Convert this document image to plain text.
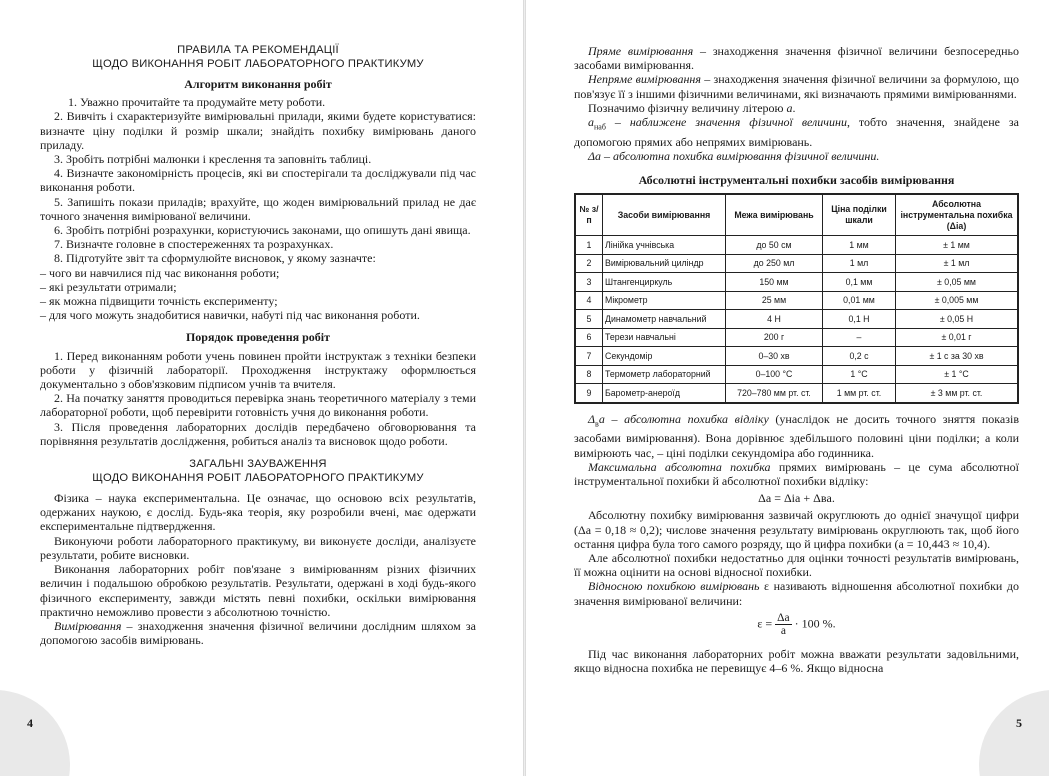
ПРАВИЛА ТА РЕКОМЕНДАЦІЇ
ЩОДО ВИКОНАННЯ РОБІТ ЛАБОРАТОРНОГО ПРАКТИКУМУ
Алгоритм виконання робіт

1. Уважно прочитайте та продумайте мету роботи.

2. Вивчіть і схарактеризуйте вимірювальні прилади, якими будете користуватися: визначте ціну поділки й розмір шкали; знайдіть похибку вимірювань даного приладу.

3. Зробіть потрібні малюнки і креслення та заповніть таблиці.

4. Визначте закономірність процесів, які ви спостерігали та досліджували під час виконання роботи.

5. Запишіть покази приладів; врахуйте, що жоден вимірювальний прилад не дає точного значення вимірюваної величини.

6. Зробіть потрібні розрахунки, користуючись законами, що опишуть дані явища.

7. Визначте головне в спостереженнях та розрахунках.

8. Підготуйте звіт та сформулюйте висновок, у якому зазначте:

– чого ви навчилися під час виконання роботи;

– які результати отримали;

– як можна підвищити точність експерименту;

– для чого можуть знадобитися навички, набуті під час виконання роботи.

Порядок проведення робіт

1. Перед виконанням роботи учень повинен пройти інструктаж з техніки безпеки роботи у фізичній лабораторії. Проходження інструктажу оформлюється документально з обов'язковим підписом учнів та вчителя.

2. На початку заняття проводиться перевірка знань теоретичного матеріалу з теми лабораторної роботи, щоб перевірити готовність учня до виконання роботи.

3. Після проведення лабораторних дослідів передбачено обговорювання та порівняння результатів дослідження, робиться аналіз та висновок щодо роботи.

ЗАГАЛЬНІ ЗАУВАЖЕННЯ
ЩОДО ВИКОНАННЯ РОБІТ ЛАБОРАТОРНОГО ПРАКТИКУМУ

Фізика – наука експериментальна. Це означає, що основою всіх результатів, одержаних наукою, є дослід. Будь-яка теорія, яку розробили вчені, має одержати експериментальне підтвердження.

Виконуючи роботи лабораторного практикуму, ви виконуєте досліди, аналізуєте результати, робите висновки.

Виконання лабораторних робіт пов'язане з вимірюванням різних фізичних величин і подальшою обробкою результатів. Результати, одержані в ході будь-якого фізичного експерименту, завжди містять певні похибки, оскільки вимірювання практично неможливо провести з абсолютною точністю.

Вимірювання – знаходження значення фізичної величини дослідним шляхом за допомогою засобів вимірювань.

4

Пряме вимірювання – знаходження значення фізичної величини безпосередньо засобами вимірювання.

Непряме вимірювання – знаходження значення фізичної величини за формулою, що пов'язує її з іншими фізичними величинами, які визначають прямими вимірюваннями.

Позначимо фізичну величину літерою a.

$a_{наб}$ – наближене значення фізичної величини, тобто значення, знайдене за допомогою прямих або непрямих вимірювань.

Δa – абсолютна похибка вимірювання фізичної величини.

Абсолютні інструментальні похибки засобів вимірювання
№ з/п	Засоби вимірювання	Межа вимірювань	Ціна поділки шкали	Абсолютна інструментальна похибка (Δіа)
1	Лінійка учнівська	до 50 см	1 мм	± 1 мм
2	Вимірювальний циліндр	до 250 мл	1 мл	± 1 мл
3	Штангенциркуль	150 мм	0,1 мм	± 0,05 мм
4	Мікрометр	25 мм	0,01 мм	± 0,005 мм
5	Динамометр навчальний	4 Н	0,1 Н	± 0,05 Н
6	Терези навчальні	200 г	–	± 0,01 г
7	Секундомір	0–30 хв	0,2 с	± 1 с за 30 хв
8	Термометр лабораторний	0–100 °С	1 °С	± 1 °С
9	Барометр-анероїд	720–780 мм рт. ст.	1 мм рт. ст.	± 3 мм рт. ст.

$\Delta_вa$ – абсолютна похибка відліку (унаслідок не досить точного зняття показів засобами вимірювання). Вона дорівнює здебільшого половині ціни поділки; а коли вимірюють час, – ціні поділки секундоміра або годинника.

Максимальна абсолютна похибка прямих вимірювань – це сума абсолютної інструментальної похибки й абсолютної похибки відліку:

Δa = Δіa + Δвa.

Абсолютну похибку вимірювання зазвичай округлюють до однієї значущої цифри (Δa = 0,18 ≈ 0,2); числове значення результату вимірювань округлюють так, щоб його остання цифра була того самого розряду, що й цифра похибки (a = 10,443 ≈ 10,4).

Але абсолютної похибки недостатньо для оцінки точності результатів вимірювань, її можна оцінити на основі відносної похибки.

Відносною похибкою вимірювань ε називають відношення абсолютної похибки до значення вимірюваної величини:

$\varepsilon = \frac{\Delta a}{a} \cdot 100$ %.

Під час виконання лабораторних робіт можна вважати результати задовільними, якщо відносна похибка не перевищує 4–6 %. Якщо відносна

5
